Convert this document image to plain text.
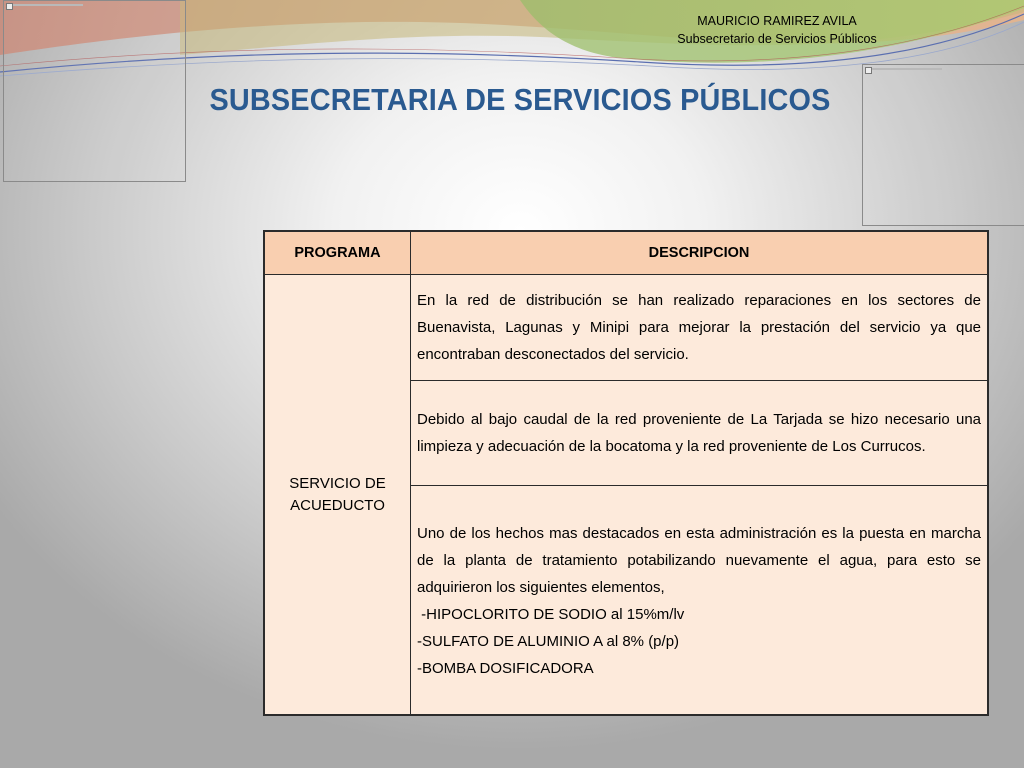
MAURICIO RAMIREZ AVILA
Subsecretario de Servicios Públicos
SUBSECRETARIA DE SERVICIOS PÚBLICOS
PROGRAMA	DESCRIPCION
SERVICIO DE ACUEDUCTO	En la red de distribución se han realizado reparaciones en los sectores de Buenavista, Lagunas y Minipi para mejorar la prestación del servicio ya que encontraban desconectados del servicio.
	Debido al bajo caudal de la red proveniente de La Tarjada se hizo necesario una limpieza y adecuación de la bocatoma y la red proveniente de Los Currucos.

	Uno de los hechos mas destacados en esta administración es la puesta en marcha de la planta de tratamiento potabilizando nuevamente el agua, para esto se adquirieron los siguientes elementos,
-HIPOCLORITO DE SODIO al 15%m/lv
-SULFATO DE ALUMINIO A al 8% (p/p)
-BOMBA DOSIFICADORA
